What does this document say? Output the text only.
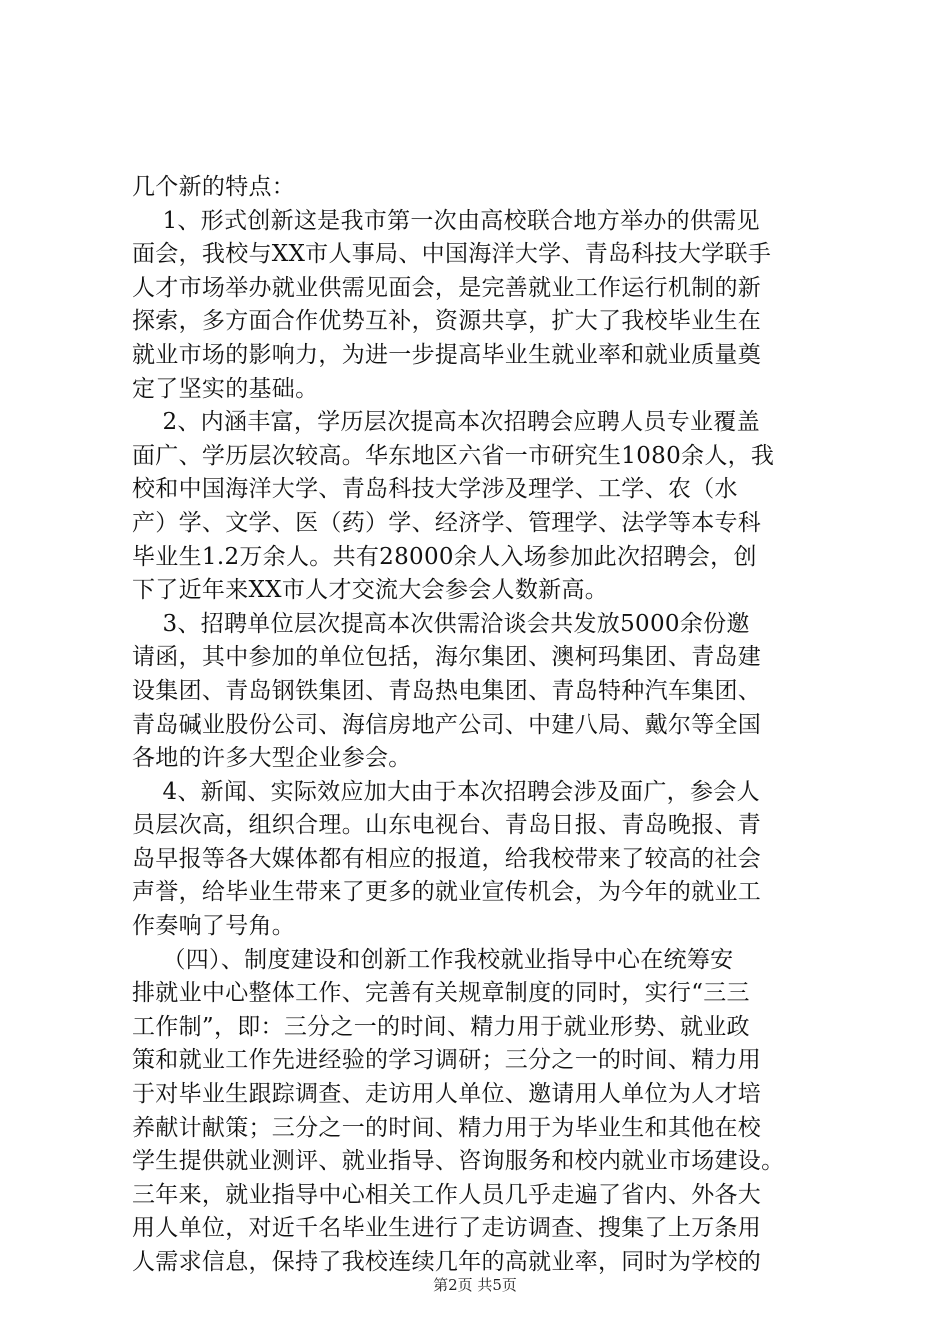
几个新的特点：
1、形式创新这是我市第一次由高校联合地方举办的供需见
面会，我校与XX市人事局、中国海洋大学、青岛科技大学联手
人才市场举办就业供需见面会，是完善就业工作运行机制的新
探索，多方面合作优势互补，资源共享，扩大了我校毕业生在
就业市场的影响力，为进一步提高毕业生就业率和就业质量奠
定了坚实的基础。
2、内涵丰富，学历层次提高本次招聘会应聘人员专业覆盖
面广、学历层次较高。华东地区六省一市研究生1080余人，我
校和中国海洋大学、青岛科技大学涉及理学、工学、农（水
产）学、文学、医（药）学、经济学、管理学、法学等本专科
毕业生1.2万余人。共有28000余人入场参加此次招聘会，创
下了近年来XX市人才交流大会参会人数新高。
3、招聘单位层次提高本次供需洽谈会共发放5000余份邀
请函，其中参加的单位包括，海尔集团、澳柯玛集团、青岛建
设集团、青岛钢铁集团、青岛热电集团、青岛特种汽车集团、
青岛碱业股份公司、海信房地产公司、中建八局、戴尔等全国
各地的许多大型企业参会。
4、新闻、实际效应加大由于本次招聘会涉及面广，参会人
员层次高，组织合理。山东电视台、青岛日报、青岛晚报、青
岛早报等各大媒体都有相应的报道，给我校带来了较高的社会
声誉，给毕业生带来了更多的就业宣传机会，为今年的就业工
作奏响了号角。
（四）、制度建设和创新工作我校就业指导中心在统筹安
排就业中心整体工作、完善有关规章制度的同时，实行“三三
工作制”，即：三分之一的时间、精力用于就业形势、就业政
策和就业工作先进经验的学习调研；三分之一的时间、精力用
于对毕业生跟踪调查、走访用人单位、邀请用人单位为人才培
养献计献策；三分之一的时间、精力用于为毕业生和其他在校
学生提供就业测评、就业指导、咨询服务和校内就业市场建设。
三年来，就业指导中心相关工作人员几乎走遍了省内、外各大
用人单位，对近千名毕业生进行了走访调查、搜集了上万条用
人需求信息，保持了我校连续几年的高就业率，同时为学校的
第2页 共5页
